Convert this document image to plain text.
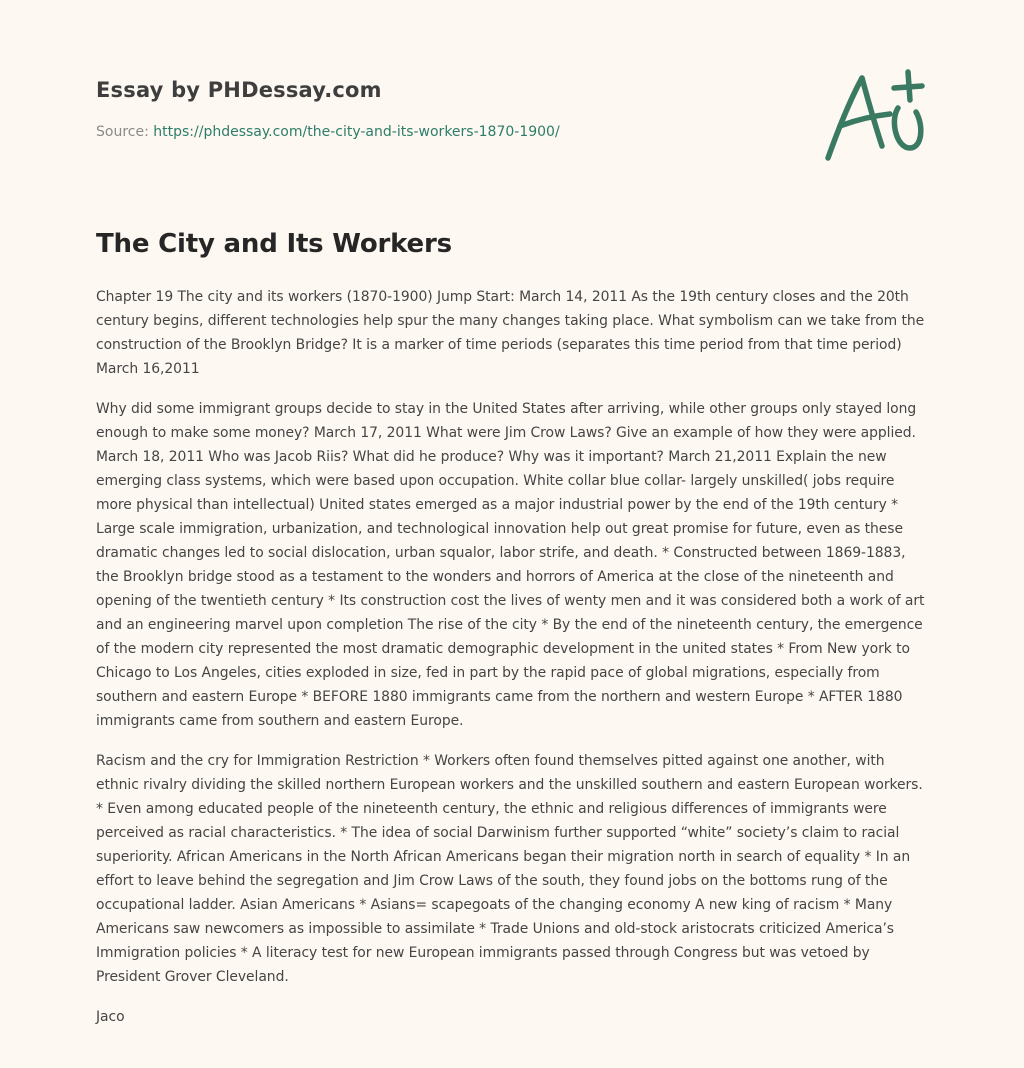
Essay by PHDessay.com
Source: https://phdessay.com/the-city-and-its-workers-1870-1900/
The City and Its Workers

Chapter 19 The city and its workers (1870-1900) Jump Start: March 14, 2011 As the 19th century closes and the 20th century begins, different technologies help spur the many changes taking place. What symbolism can we take from the construction of the Brooklyn Bridge? It is a marker of time periods (separates this time period from that time period) March 16,2011

Why did some immigrant groups decide to stay in the United States after arriving, while other groups only stayed long enough to make some money? March 17, 2011 What were Jim Crow Laws? Give an example of how they were applied. March 18, 2011 Who was Jacob Riis? What did he produce? Why was it important? March 21,2011 Explain the new emerging class systems, which were based upon occupation. White collar blue collar- largely unskilled( jobs require more physical than intellectual) United states emerged as a major industrial power by the end of the 19th century * Large scale immigration, urbanization, and technological innovation help out great promise for future, even as these dramatic changes led to social dislocation, urban squalor, labor strife, and death. * Constructed between 1869-1883, the Brooklyn bridge stood as a testament to the wonders and horrors of America at the close of the nineteenth and opening of the twentieth century * Its construction cost the lives of wenty men and it was considered both a work of art and an engineering marvel upon completion The rise of the city * By the end of the nineteenth century, the emergence of the modern city represented the most dramatic demographic development in the united states * From New york to Chicago to Los Angeles, cities exploded in size, fed in part by the rapid pace of global migrations, especially from southern and eastern Europe * BEFORE 1880 immigrants came from the northern and western Europe * AFTER 1880 immigrants came from southern and eastern Europe.

Racism and the cry for Immigration Restriction * Workers often found themselves pitted against one another, with ethnic rivalry dividing the skilled northern European workers and the unskilled southern and eastern European workers. * Even among educated people of the nineteenth century, the ethnic and religious differences of immigrants were perceived as racial characteristics. * The idea of social Darwinism further supported “white” society’s claim to racial superiority. African Americans in the North African Americans began their migration north in search of equality * In an effort to leave behind the segregation and Jim Crow Laws of the south, they found jobs on the bottoms rung of the occupational ladder. Asian Americans * Asians= scapegoats of the changing economy A new king of racism * Many Americans saw newcomers as impossible to assimilate * Trade Unions and old-stock aristocrats criticized America’s Immigration policies * A literacy test for new European immigrants passed through Congress but was vetoed by President Grover Cleveland.

Jaco
